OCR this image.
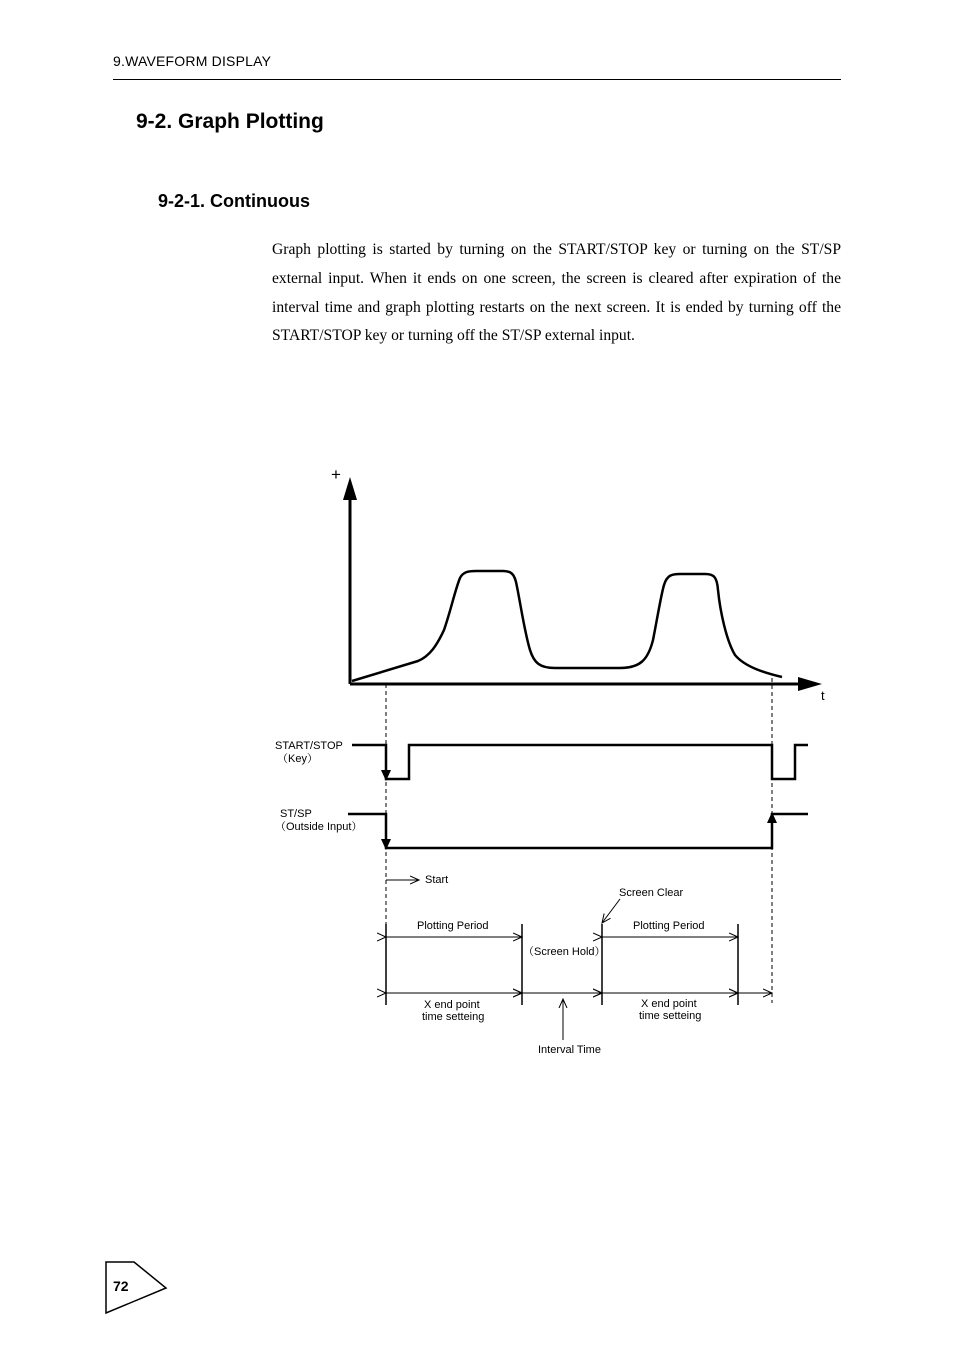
9.WAVEFORM DISPLAY
9-2. Graph Plotting
9-2-1. Continuous

Graph plotting is started by turning on the START/STOP key or turning on the ST/SP external input. When it ends on one screen, the screen is cleared after expiration of the interval time and graph plotting restarts on the next screen. It is ended by turning off the START/STOP key or turning off the ST/SP external input.

+
t
START/STOP
（Key）
ST/SP
（Outside Input）
Start
Screen Clear
Plotting Period
（Screen Hold）
Plotting Period
X end point
time setteing
X end point
time setteing
Interval Time
72
